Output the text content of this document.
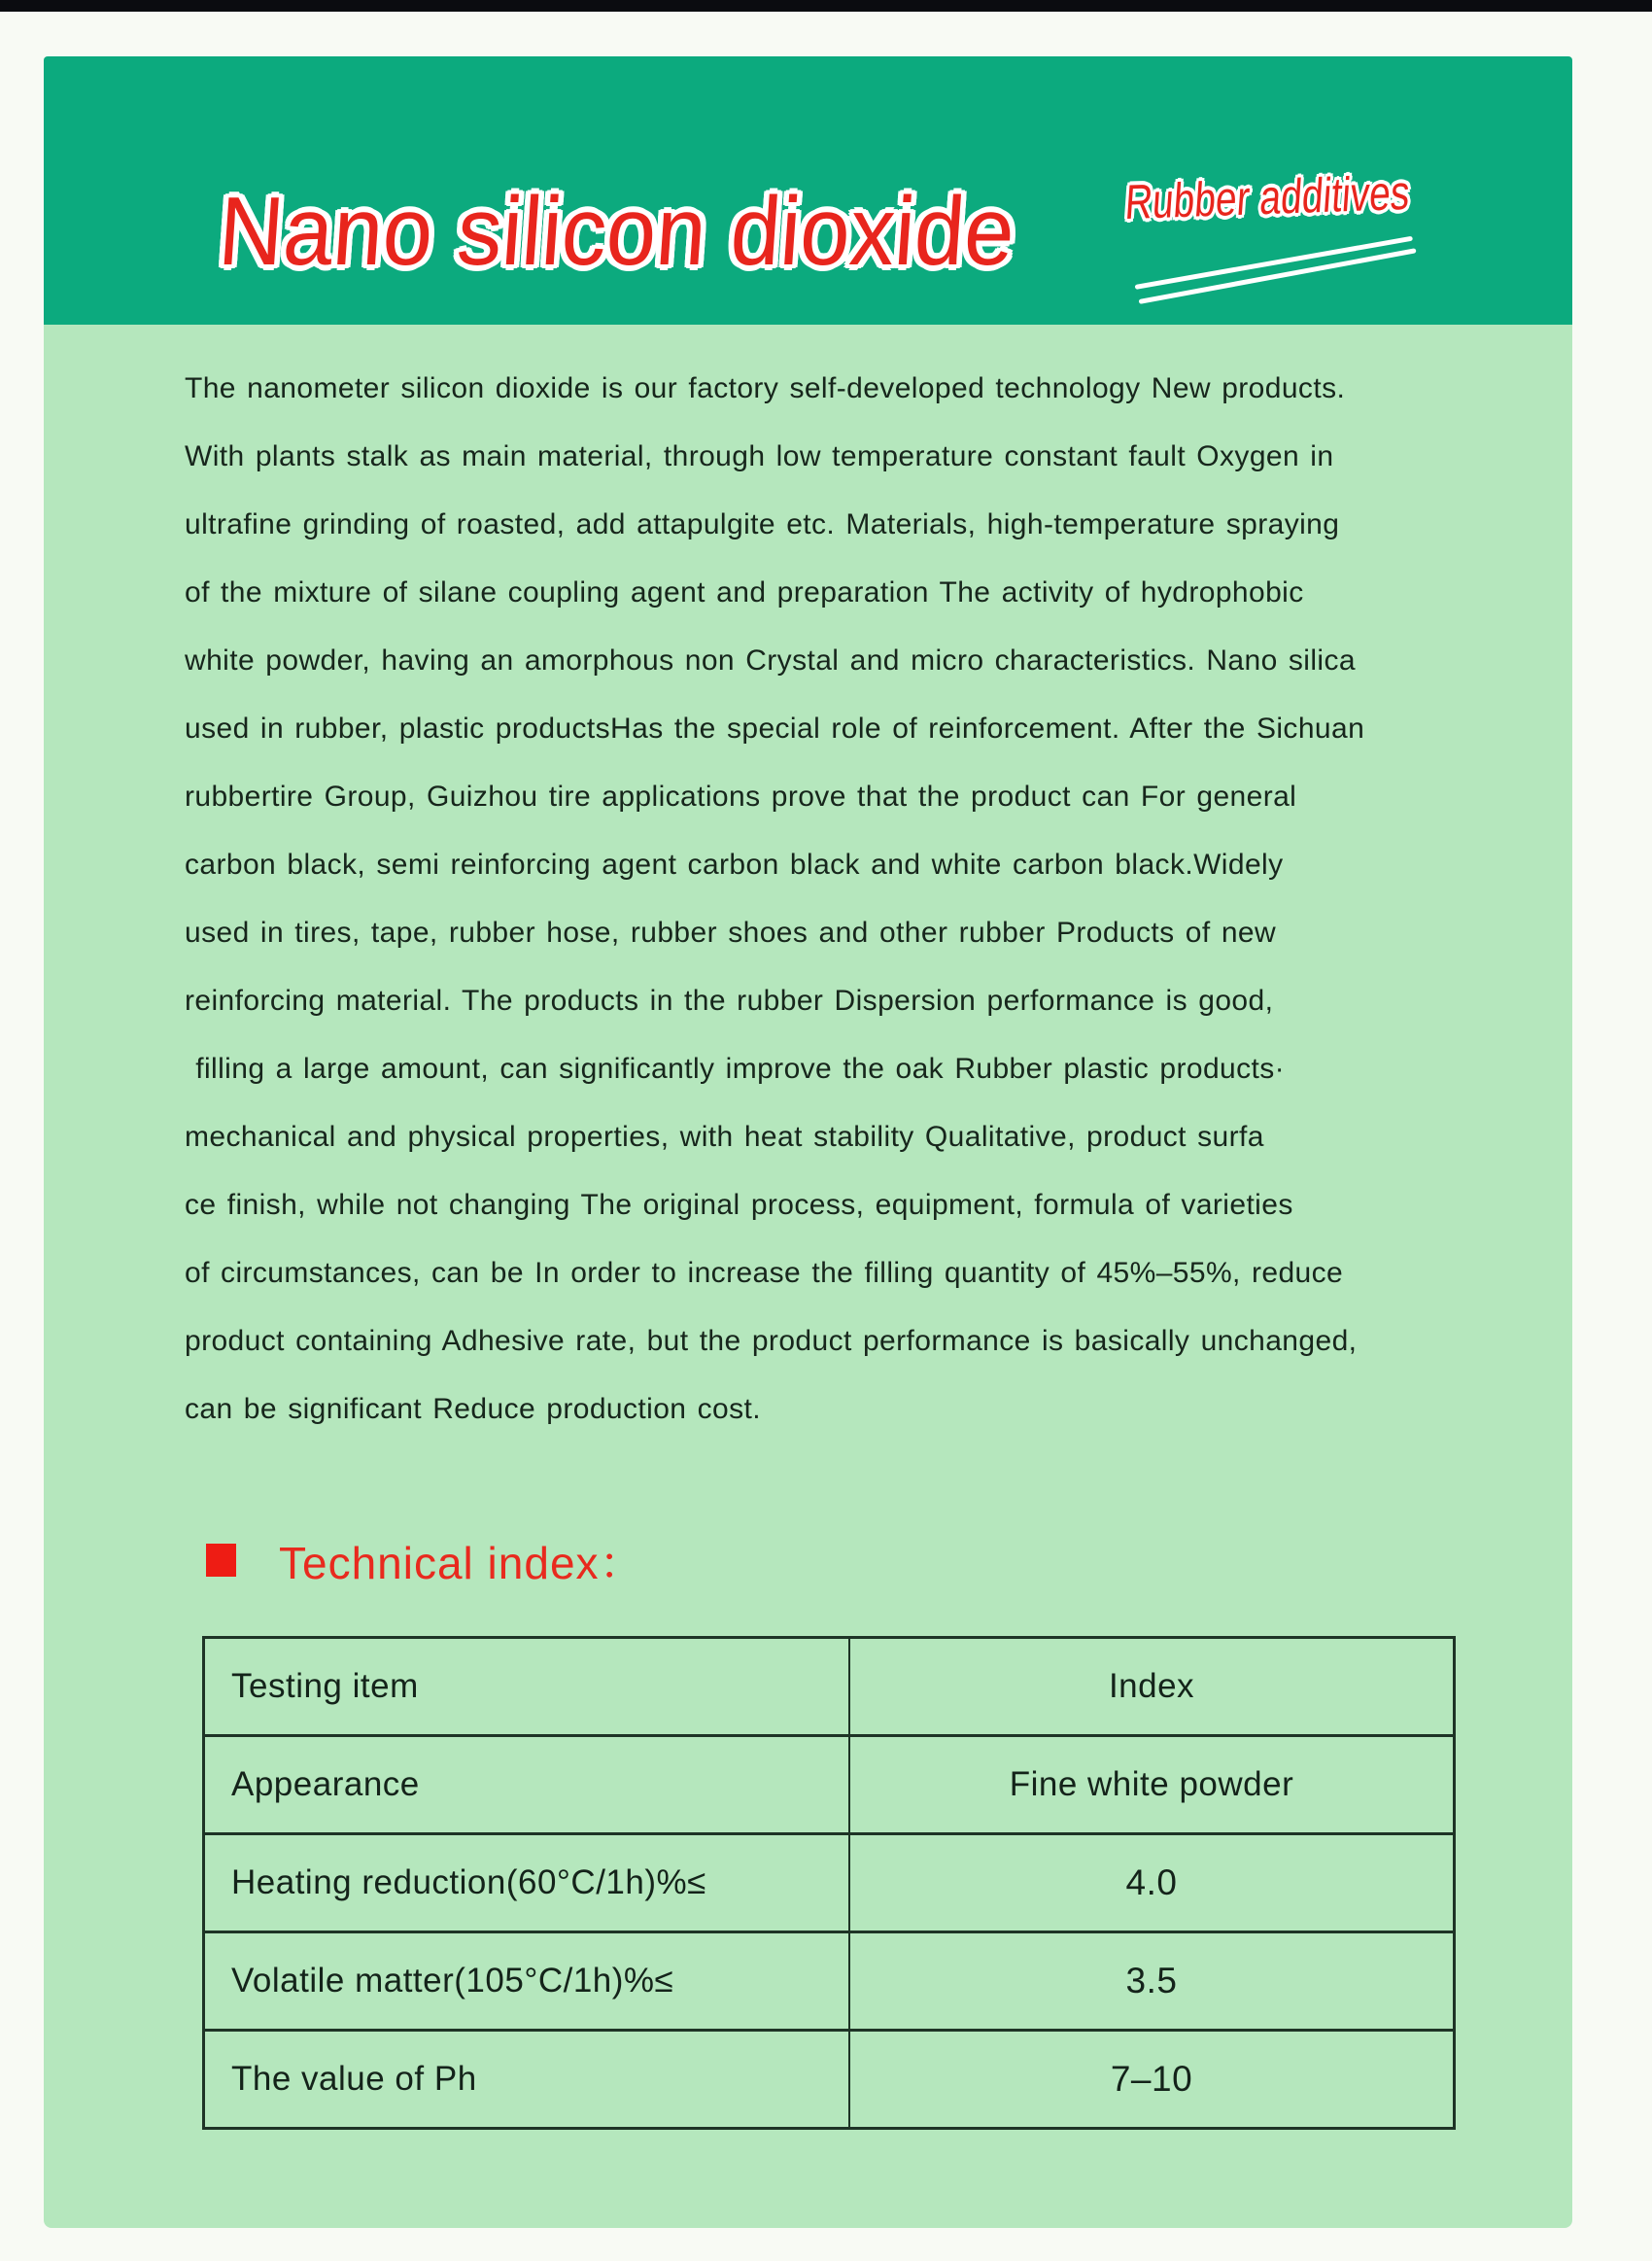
Nano silicon dioxide Rubber additives
The nanometer silicon dioxide is our factory self-developed technology New products.
With plants stalk as main material, through low temperature constant fault Oxygen in
ultrafine grinding of roasted, add attapulgite etc. Materials, high-temperature spraying
of the mixture of silane coupling agent and preparation The activity of hydrophobic
white powder, having an amorphous non Crystal and micro characteristics. Nano silica
used in rubber, plastic productsHas the special role of reinforcement. After the Sichuan
rubbertire Group, Guizhou tire applications prove that the product can For general
carbon black, semi reinforcing agent carbon black and white carbon black.Widely
used in tires, tape, rubber hose, rubber shoes and other rubber Products of new
reinforcing material. The products in the rubber Dispersion performance is good,
filling a large amount, can significantly improve the oak Rubber plastic products·
mechanical and physical properties, with heat stability Qualitative, product surfa
ce finish, while not changing The original process, equipment, formula of varieties
of circumstances, can be In order to increase the filling quantity of 45%–55%, reduce
product containing Adhesive rate, but the product performance is basically unchanged,
can be significant Reduce production cost.
Technical index：
Testing item	Index
Appearance	Fine white powder
Heating reduction(60°C/1h)%≤	4.0
Volatile matter(105°C/1h)%≤	3.5
The value of Ph	7–10
